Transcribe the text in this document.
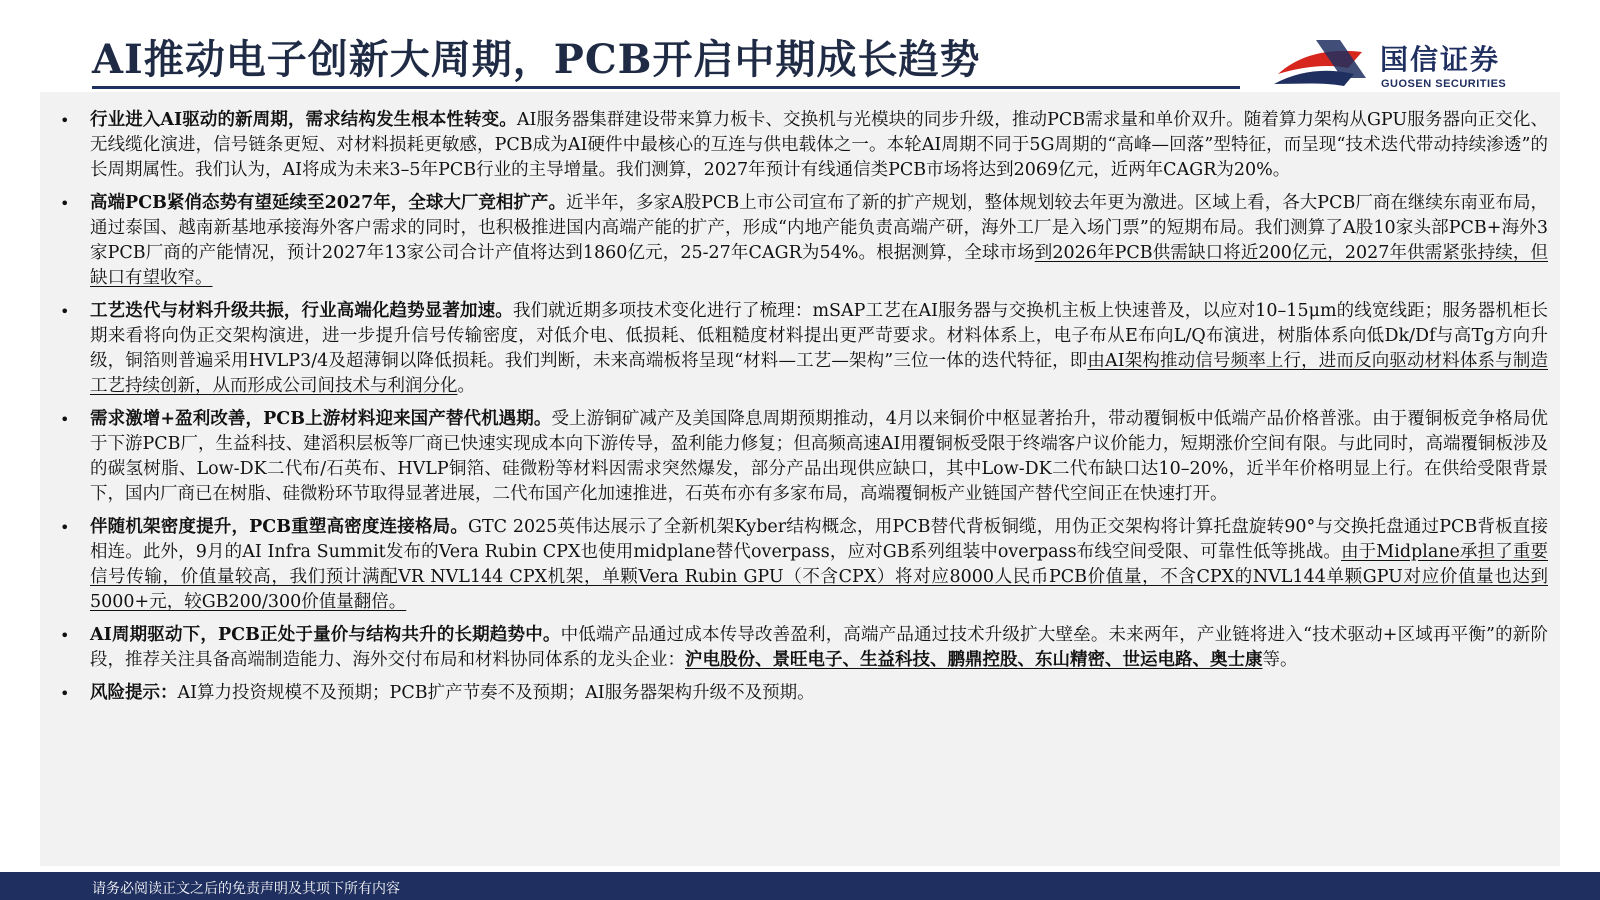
AI推动电子创新大周期，PCB开启中期成长趋势	国信证券
GUOSEN SECURITIES
• 行业进入AI驱动的新周期，需求结构发生根本性转变。AI服务器集群建设带来算力板卡、交换机与光模块的同步升级，推动PCB需求量和单价双升。随着算力架构从GPU服务器向正交化、无线缆化演进，信号链条更短、对材料损耗更敏感，PCB成为AI硬件中最核心的互连与供电载体之一。本轮AI周期不同于5G周期的“高峰—回落”型特征，而呈现“技术迭代带动持续渗透”的长周期属性。我们认为，AI将成为未来3–5年PCB行业的主导增量。我们测算，2027年预计有线通信类PCB市场将达到2069亿元，近两年CAGR为20%。
• 高端PCB紧俏态势有望延续至2027年，全球大厂竞相扩产。近半年，多家A股PCB上市公司宣布了新的扩产规划，整体规划较去年更为激进。区域上看，各大PCB厂商在继续东南亚布局，通过泰国、越南新基地承接海外客户需求的同时，也积极推进国内高端产能的扩产，形成“内地产能负责高端产研，海外工厂是入场门票”的短期布局。我们测算了A股10家头部PCB+海外3家PCB厂商的产能情况，预计2027年13家公司合计产值将达到1860亿元，25-27年CAGR为54%。根据测算，全球市场到2026年PCB供需缺口将近200亿元，2027年供需紧张持续，但缺口有望收窄。
• 工艺迭代与材料升级共振，行业高端化趋势显著加速。我们就近期多项技术变化进行了梳理：mSAP工艺在AI服务器与交换机主板上快速普及，以应对10–15μm的线宽线距；服务器机柜长期来看将向伪正交架构演进，进一步提升信号传输密度，对低介电、低损耗、低粗糙度材料提出更严苛要求。材料体系上，电子布从E布向L/Q布演进，树脂体系向低Dk/Df与高Tg方向升级，铜箔则普遍采用HVLP3/4及超薄铜以降低损耗。我们判断，未来高端板将呈现“材料—工艺—架构”三位一体的迭代特征，即由AI架构推动信号频率上行，进而反向驱动材料体系与制造工艺持续创新，从而形成公司间技术与利润分化。
• 需求激增+盈利改善，PCB上游材料迎来国产替代机遇期。受上游铜矿减产及美国降息周期预期推动，4月以来铜价中枢显著抬升，带动覆铜板中低端产品价格普涨。由于覆铜板竞争格局优于下游PCB厂，生益科技、建滔积层板等厂商已快速实现成本向下游传导，盈利能力修复；但高频高速AI用覆铜板受限于终端客户议价能力，短期涨价空间有限。与此同时，高端覆铜板涉及的碳氢树脂、Low-DK二代布/石英布、HVLP铜箔、硅微粉等材料因需求突然爆发，部分产品出现供应缺口，其中Low-DK二代布缺口达10–20%，近半年价格明显上行。在供给受限背景下，国内厂商已在树脂、硅微粉环节取得显著进展，二代布国产化加速推进，石英布亦有多家布局，高端覆铜板产业链国产替代空间正在快速打开。
• 伴随机架密度提升，PCB重塑高密度连接格局。GTC 2025英伟达展示了全新机架Kyber结构概念，用PCB替代背板铜缆，用伪正交架构将计算托盘旋转90°与交换托盘通过PCB背板直接相连。此外，9月的AI Infra Summit发布的Vera Rubin CPX也使用midplane替代overpass，应对GB系列组装中overpass布线空间受限、可靠性低等挑战。由于Midplane承担了重要信号传输，价值量较高，我们预计满配VR NVL144 CPX机架，单颗Vera Rubin GPU（不含CPX）将对应8000人民币PCB价值量，不含CPX的NVL144单颗GPU对应价值量也达到5000+元，较GB200/300价值量翻倍。
• AI周期驱动下，PCB正处于量价与结构共升的长期趋势中。中低端产品通过成本传导改善盈利，高端产品通过技术升级扩大壁垒。未来两年，产业链将进入“技术驱动+区域再平衡”的新阶段，推荐关注具备高端制造能力、海外交付布局和材料协同体系的龙头企业：沪电股份、景旺电子、生益科技、鹏鼎控股、东山精密、世运电路、奥士康等。
• 风险提示：AI算力投资规模不及预期；PCB扩产节奏不及预期；AI服务器架构升级不及预期。
请务必阅读正文之后的免责声明及其项下所有内容
